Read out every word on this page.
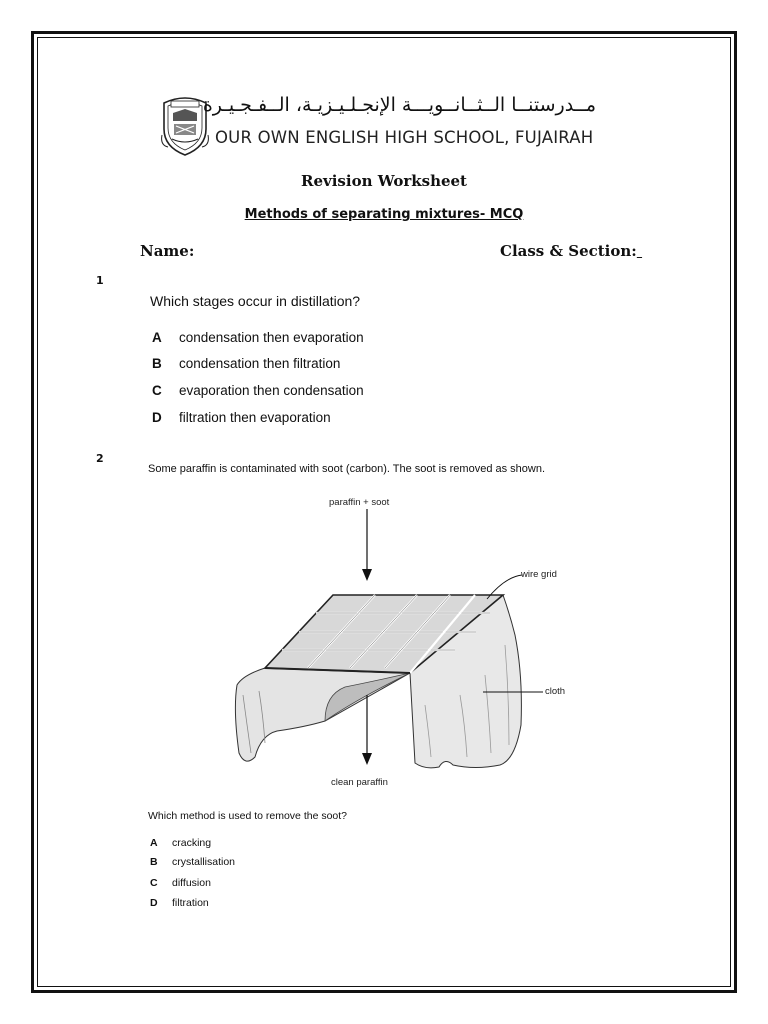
مــدرستنــا الــثــانــويـــة الإنجـلـيـزيـة، الــفـجـيـرة
OUR OWN ENGLISH HIGH SCHOOL, FUJAIRAH
Revision Worksheet
Methods of separating mixtures- MCQ
Name:	Class & Section:
1
Which stages occur in distillation?
A condensation then evaporation
B condensation then filtration
C evaporation then condensation
D filtration then evaporation
2
Some paraffin is contaminated with soot (carbon). The soot is removed as shown.
paraffin + soot
wire grid
cloth
clean paraffin
Which method is used to remove the soot?
A cracking
B crystallisation
C diffusion
D filtration
